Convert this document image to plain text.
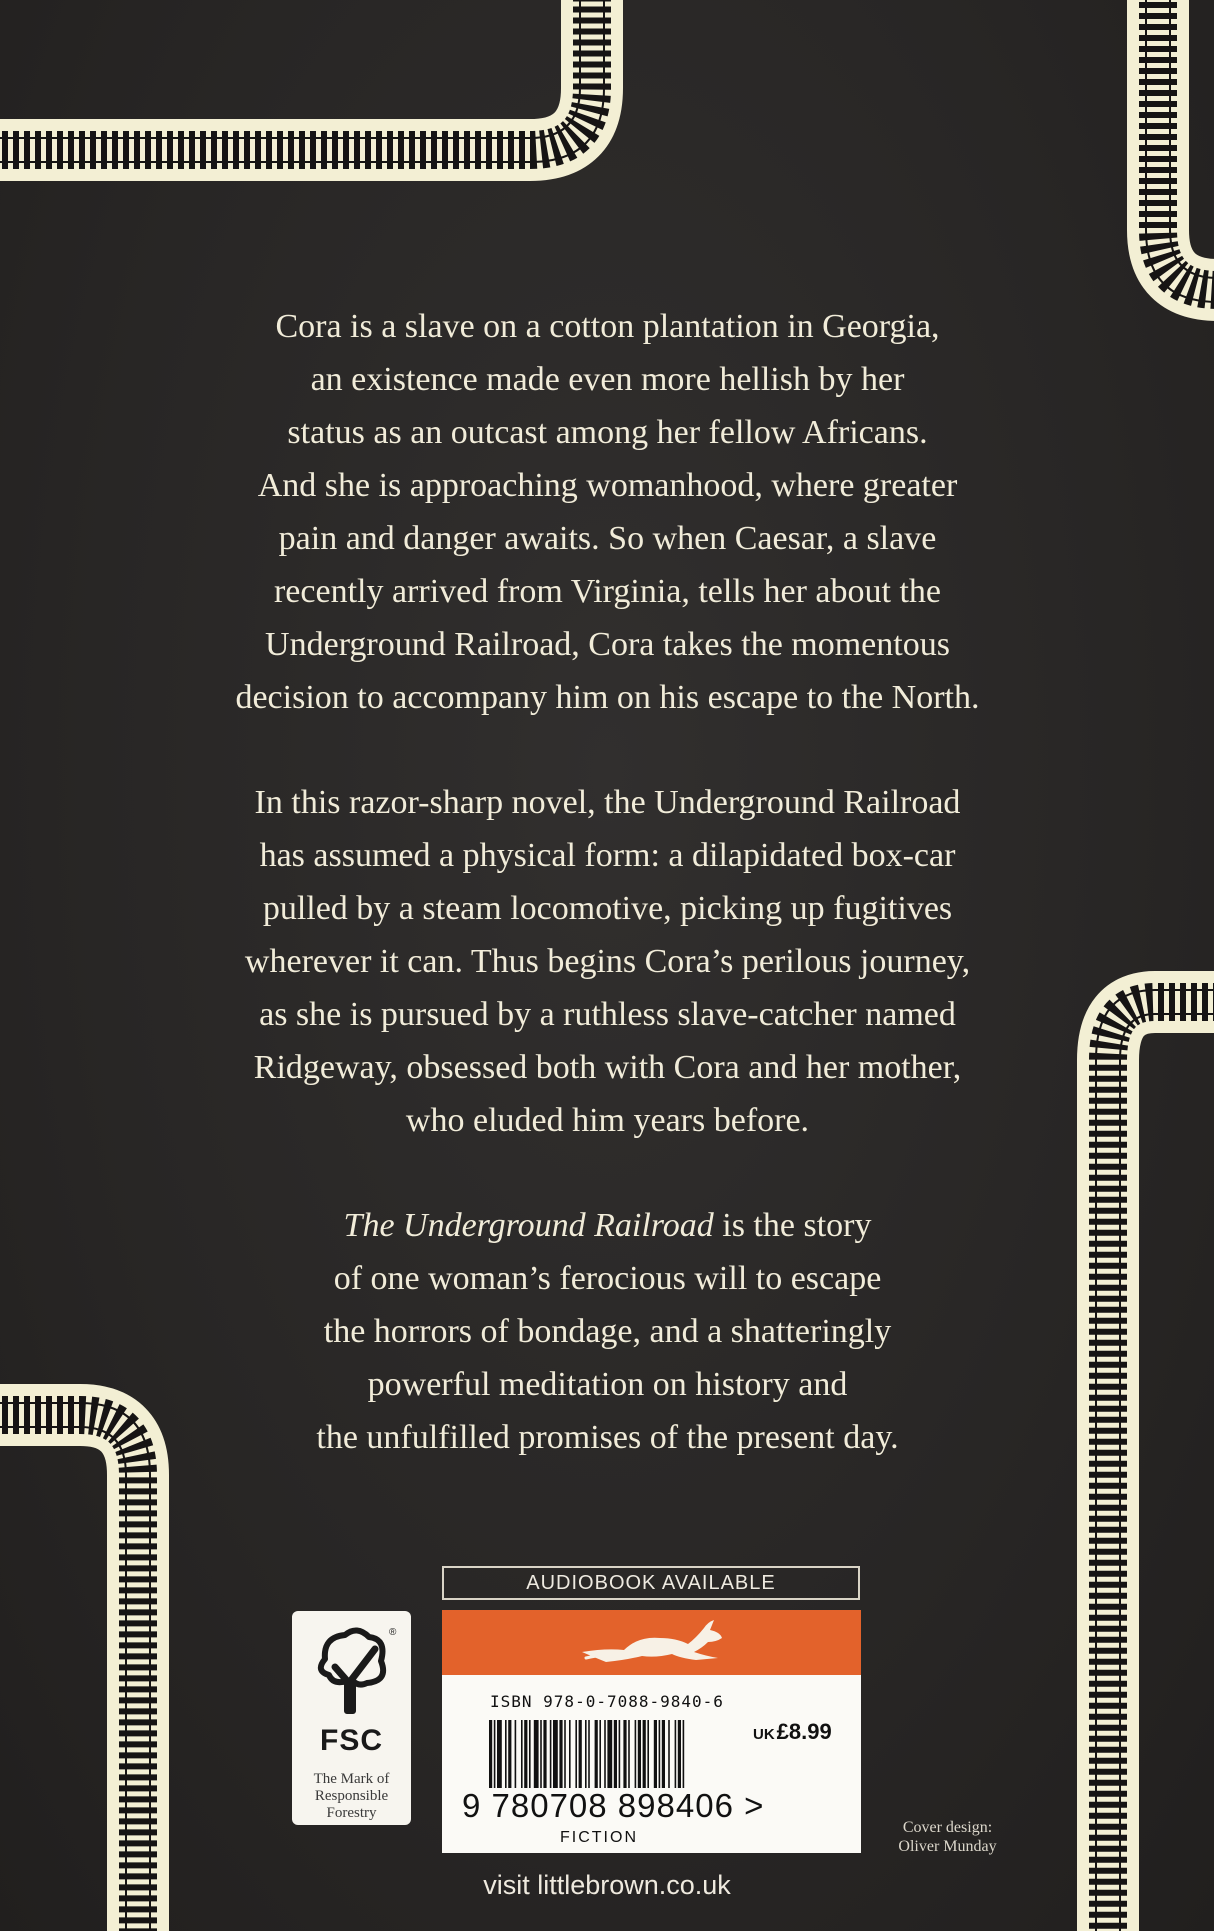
Cora is a slave on a cotton plantation in Georgia,
an existence made even more hellish by her
status as an outcast among her fellow Africans.
And she is approaching womanhood, where greater
pain and danger awaits. So when Caesar, a slave
recently arrived from Virginia, tells her about the
Underground Railroad, Cora takes the momentous
decision to accompany him on his escape to the North.

In this razor-sharp novel, the Underground Railroad
has assumed a physical form: a dilapidated box-car
pulled by a steam locomotive, picking up fugitives
wherever it can. Thus begins Cora’s perilous journey,
as she is pursued by a ruthless slave-catcher named
Ridgeway, obsessed both with Cora and her mother,
who eluded him years before.

The Underground Railroad is the story
of one woman’s ferocious will to escape
the horrors of bondage, and a shatteringly
powerful meditation on history and
the unfulfilled promises of the present day.

®
FSC
The Mark of
Responsible
Forestry
AUDIOBOOK AVAILABLE
ISBN 978-0-7088-9840-6
UK£8.99
9 780708 898406 >
FICTION
Cover design:
Oliver Munday
visit littlebrown.co.uk
